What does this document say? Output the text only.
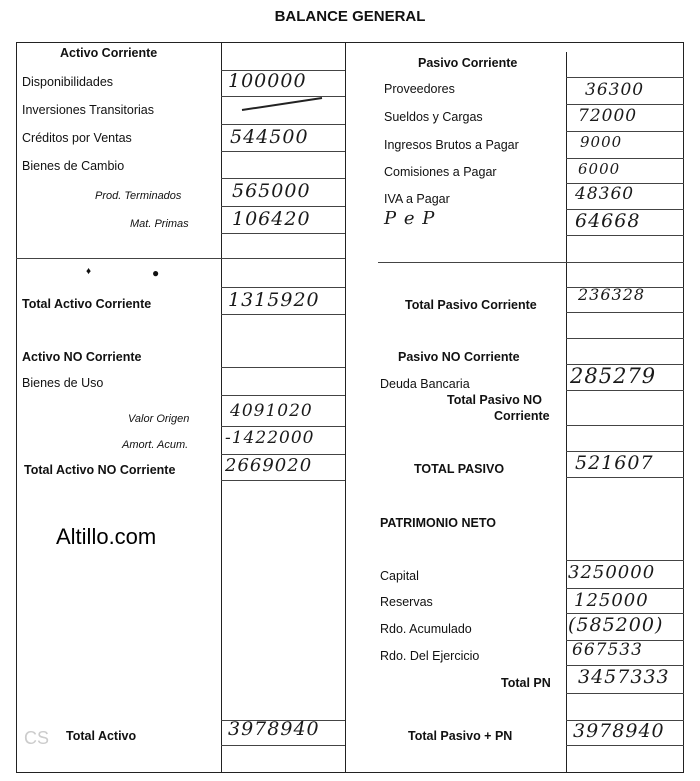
BALANCE GENERAL
Activo Corriente
Disponibilidades
Inversiones Transitorias
Créditos por Ventas
Bienes de Cambio
Prod. Terminados
Mat. Primas
Total Activo Corriente
Activo NO Corriente
Bienes de Uso
Valor Origen
Amort. Acum.
Total Activo NO Corriente
Total Activo
100000
544500
565000
106420
1315920
4091020
-1422000
2669020
3978940
♦	●
Pasivo Corriente
Proveedores
Sueldos y Cargas
Ingresos Brutos a Pagar
Comisiones a Pagar
IVA a Pagar
P e P
Total Pasivo Corriente
Pasivo NO Corriente
Deuda Bancaria
Total Pasivo NO
Corriente
TOTAL PASIVO
PATRIMONIO NETO
Capital
Reservas
Rdo. Acumulado
Rdo. Del Ejercicio
Total PN
Total Pasivo + PN
36300
72000
9000
6000
48360
64668
236328
285279
521607
3250000
125000
(585200)
667533
3457333
3978940
Altillo.com
CS
